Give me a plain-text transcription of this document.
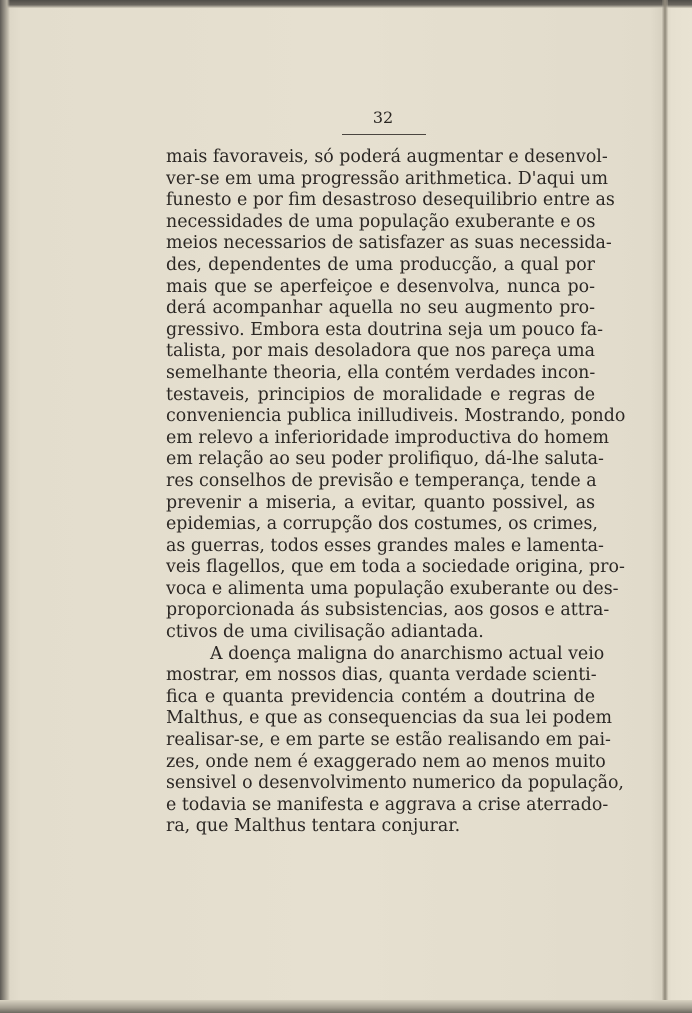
32
mais favoraveis, só poderá augmentar e desenvol-
ver-se em uma progressão arithmetica. D'aqui um
funesto e por fim desastroso desequilibrio entre as
necessidades de uma população exuberante e os
meios necessarios de satisfazer as suas necessida-
des, dependentes de uma producção, a qual por
mais que se aperfeiçoe e desenvolva, nunca po-
derá acompanhar aquella no seu augmento pro-
gressivo. Embora esta doutrina seja um pouco fa-
talista, por mais desoladora que nos pareça uma
semelhante theoria, ella contém verdades incon-
testaveis, principios de moralidade e regras de
conveniencia publica inilludiveis. Mostrando, pondo
em relevo a inferioridade improductiva do homem
em relação ao seu poder prolifiquo, dá-lhe saluta-
res conselhos de previsão e temperança, tende a
prevenir a miseria, a evitar, quanto possivel, as
epidemias, a corrupção dos costumes, os crimes,
as guerras, todos esses grandes males e lamenta-
veis flagellos, que em toda a sociedade origina, pro-
voca e alimenta uma população exuberante ou des-
proporcionada ás subsistencias, aos gosos e attra-
ctivos de uma civilisação adiantada.
A doença maligna do anarchismo actual veio
mostrar, em nossos dias, quanta verdade scienti-
fica e quanta previdencia contém a doutrina de
Malthus, e que as consequencias da sua lei podem
realisar-se, e em parte se estão realisando em pai-
zes, onde nem é exaggerado nem ao menos muito
sensivel o desenvolvimento numerico da população,
e todavia se manifesta e aggrava a crise aterrado-
ra, que Malthus tentara conjurar.
